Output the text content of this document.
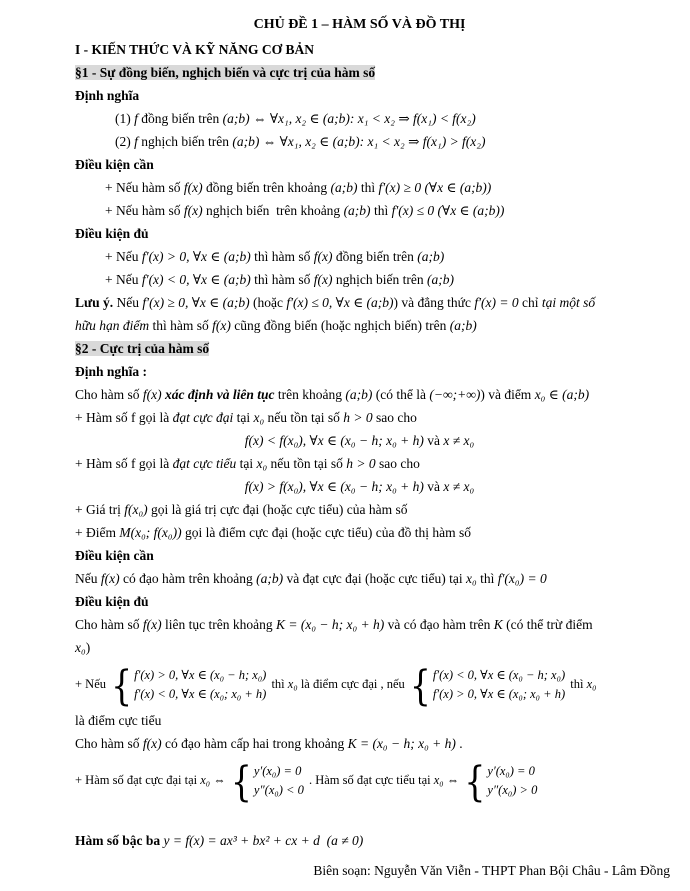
CHỦ ĐỀ 1 – HÀM SỐ VÀ ĐỒ THỊ
I - KIẾN THỨC VÀ KỸ NĂNG CƠ BẢN
§1 - Sự đồng biến, nghịch biến và cực trị của hàm số
Định nghĩa
(1) f đồng biến trên (a;b) ⇔ ∀x₁, x₂ ∈ (a;b): x₁ < x₂ ⇒ f(x₁) < f(x₂)
(2) f nghịch biến trên (a;b) ⇔ ∀x₁, x₂ ∈ (a;b): x₁ < x₂ ⇒ f(x₁) > f(x₂)
Điều kiện cần
+ Nếu hàm số f(x) đồng biến trên khoảng (a;b) thì f′(x) ≥ 0 (∀x ∈ (a;b))
+ Nếu hàm số f(x) nghịch biến  trên khoảng (a;b) thì f′(x) ≤ 0 (∀x ∈ (a;b))
Điều kiện đủ
+ Nếu f′(x) > 0, ∀x ∈ (a;b) thì hàm số f(x) đồng biến trên (a;b)
+ Nếu f′(x) < 0, ∀x ∈ (a;b) thì hàm số f(x) nghịch biến trên (a;b)
Lưu ý. Nếu f′(x) ≥ 0, ∀x ∈ (a;b) (hoặc f′(x) ≤ 0, ∀x ∈ (a;b)) và đẳng thức f′(x) = 0 chỉ tại một số
hữu hạn điểm thì hàm số f(x) cũng đồng biến (hoặc nghịch biến) trên (a;b)
§2 - Cực trị của hàm số
Định nghĩa :
Cho hàm số f(x) xác định và liên tục trên khoảng (a;b) (có thể là (−∞;+∞)) và điểm x₀ ∈ (a;b)
+ Hàm số f gọi là đạt cực đại tại x₀ nếu tồn tại số h > 0 sao cho
f(x) < f(x₀), ∀x ∈ (x₀ − h; x₀ + h) và x ≠ x₀
+ Hàm số f gọi là đạt cực tiểu tại x₀ nếu tồn tại số h > 0 sao cho
f(x) > f(x₀), ∀x ∈ (x₀ − h; x₀ + h) và x ≠ x₀
+ Giá trị f(x₀) gọi là giá trị cực đại (hoặc cực tiểu) của hàm số
+ Điểm M(x₀; f(x₀)) gọi là điểm cực đại (hoặc cực tiểu) của đồ thị hàm số
Điều kiện cần
Nếu f(x) có đạo hàm trên khoảng (a;b) và đạt cực đại (hoặc cực tiểu) tại x₀ thì f′(x₀) = 0
Điều kiện đủ
Cho hàm số f(x) liên tục trên khoảng K = (x₀ − h; x₀ + h) và có đạo hàm trên K (có thể trừ điểm
x₀)
+ Nếu { f′(x) > 0, ∀x ∈ (x₀ − h; x₀)
f′(x) < 0, ∀x ∈ (x₀; x₀ + h)
thì x₀ là điểm cực đại , nếu { f′(x) < 0, ∀x ∈ (x₀ − h; x₀)
f′(x) > 0, ∀x ∈ (x₀; x₀ + h)
thì x₀
là điểm cực tiểu
Cho hàm số f(x) có đạo hàm cấp hai trong khoảng K = (x₀ − h; x₀ + h) .
+ Hàm số đạt cực đại tại x₀ ⇔ { y′(x₀) = 0
y″(x₀) < 0
. Hàm số đạt cực tiểu tại x₀ ⇔ { y′(x₀) = 0
y″(x₀) > 0
Hàm số bậc ba y = f(x) = ax³ + bx² + cx + d (a ≠ 0)
Biên soạn: Nguyễn Văn Viễn - THPT Phan Bội Châu - Lâm Đồng
